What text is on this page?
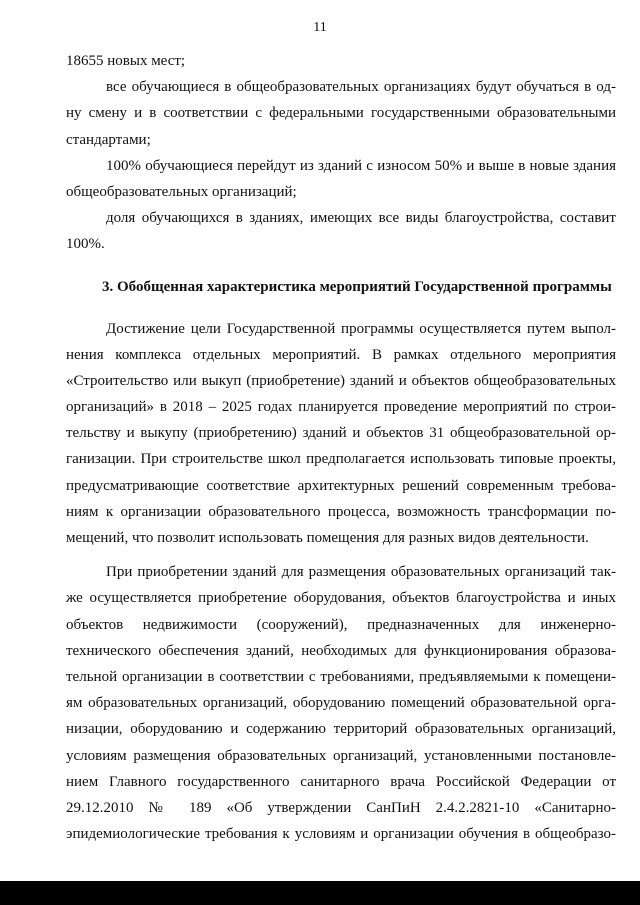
11
18655 новых мест;
все обучающиеся в общеобразовательных организациях будут обучаться в од-
ну смену и в соответствии с федеральными государственными образовательными
стандартами;
100% обучающиеся перейдут из зданий с износом 50% и выше в новые здания
общеобразовательных организаций;
доля обучающихся в зданиях, имеющих все виды благоустройства, составит
100%.
3. Обобщенная характеристика мероприятий Государственной программы
Достижение цели Государственной программы осуществляется путем выпол-
нения комплекса отдельных мероприятий. В рамках отдельного мероприятия
«Строительство или выкуп (приобретение) зданий и объектов общеобразовательных
организаций» в 2018 – 2025 годах планируется проведение мероприятий по строи-
тельству и выкупу (приобретению) зданий и объектов 31 общеобразовательной ор-
ганизации. При строительстве школ предполагается использовать типовые проекты,
предусматривающие соответствие архитектурных решений современным требова-
ниям к организации образовательного процесса, возможность трансформации по-
мещений, что позволит использовать помещения для разных видов деятельности.
При приобретении зданий для размещения образовательных организаций так-
же осуществляется приобретение оборудования, объектов благоустройства и иных
объектов недвижимости (сооружений), предназначенных для инженерно-
технического обеспечения зданий, необходимых для функционирования образова-
тельной организации в соответствии с требованиями, предъявляемыми к помещени-
ям образовательных организаций, оборудованию помещений образовательной орга-
низации, оборудованию и содержанию территорий образовательных организаций,
условиям размещения образовательных организаций, установленными постановле-
нием Главного государственного санитарного врача Российской Федерации от
29.12.2010 № 189 «Об утверждении СанПиН 2.4.2.2821-10 «Санитарно-
эпидемиологические требования к условиям и организации обучения в общеобразо-
